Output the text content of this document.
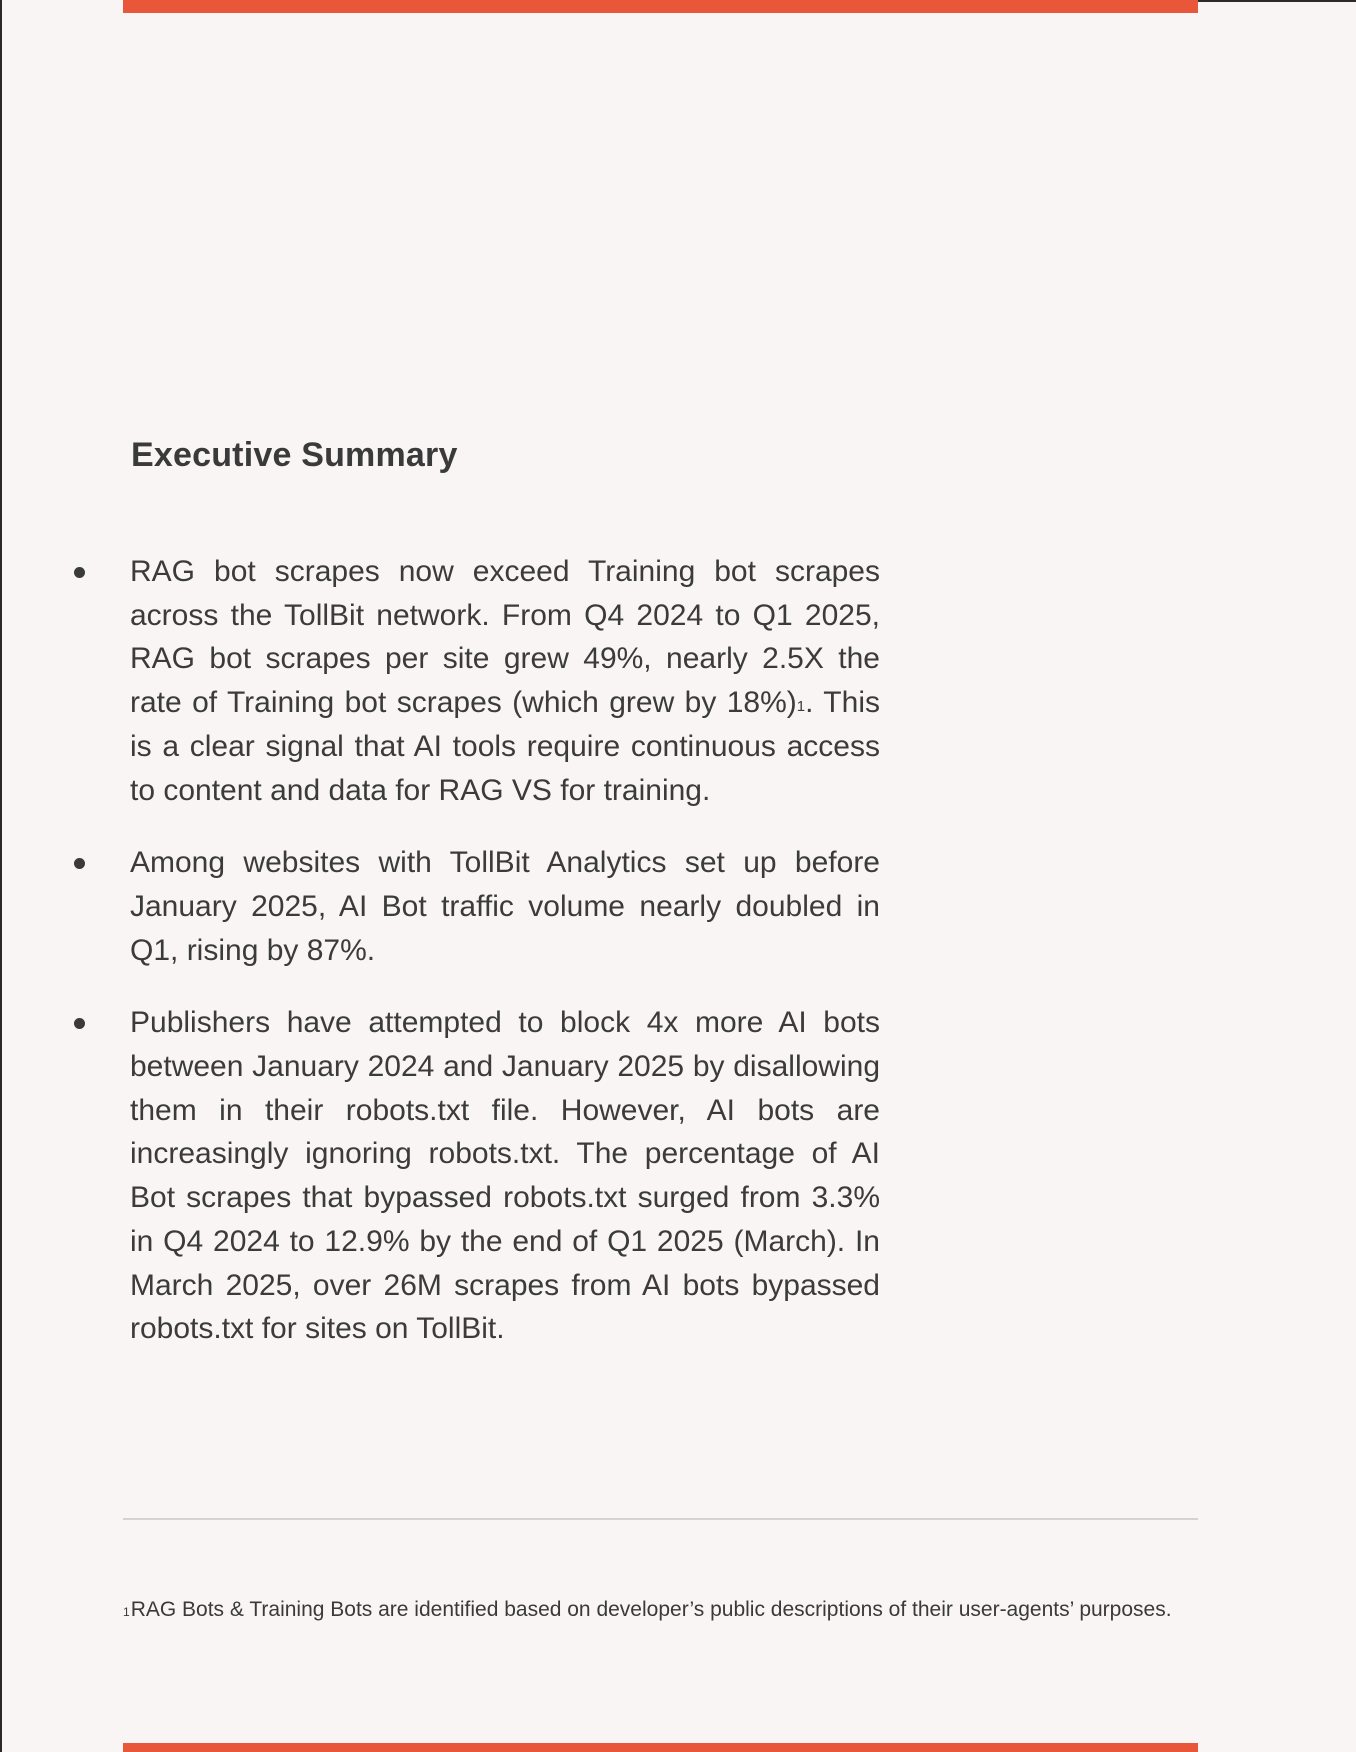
Executive Summary
RAG bot scrapes now exceed Training bot scrapes across the TollBit network. From Q4 2024 to Q1 2025, RAG bot scrapes per site grew 49%, nearly 2.5X the rate of Training bot scrapes (which grew by 18%)$^1$. This is a clear signal that AI tools require continuous access to content and data for RAG VS for training.
Among websites with TollBit Analytics set up before January 2025, AI Bot traffic volume nearly doubled in Q1, rising by 87%.
Publishers have attempted to block 4x more AI bots between January 2024 and January 2025 by disallowing them in their robots.txt file. However, AI bots are increasingly ignoring robots.txt. The percentage of AI Bot scrapes that bypassed robots.txt surged from 3.3% in Q4 2024 to 12.9% by the end of Q1 2025 (March). In March 2025, over 26M scrapes from AI bots bypassed robots.txt for sites on TollBit.

$^1$RAG Bots & Training Bots are identified based on developer’s public descriptions of their user-agents’ purposes.
